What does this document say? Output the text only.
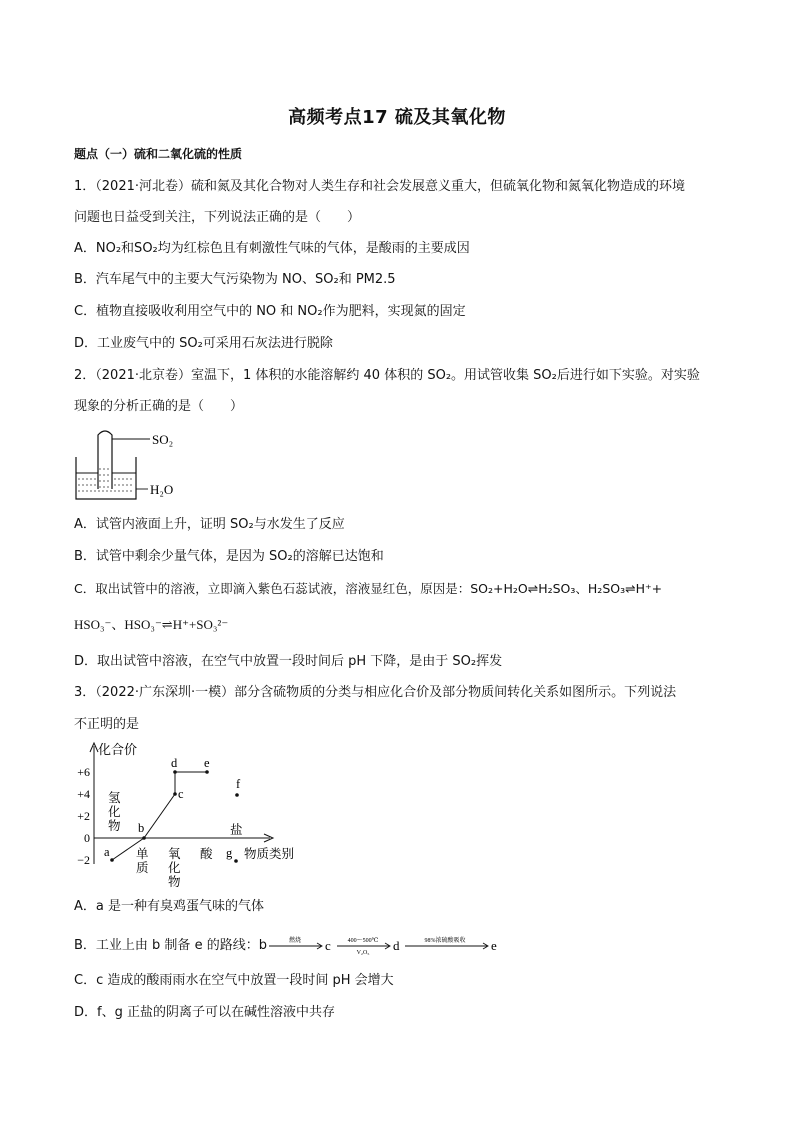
高频考点17 硫及其氧化物
题点（一）硫和二氧化硫的性质
1．（2021·河北卷）硫和氮及其化合物对人类生存和社会发展意义重大，但硫氧化物和氮氧化物造成的环境
问题也日益受到关注，下列说法正确的是（　　）
A．NO₂和SO₂均为红棕色且有刺激性气味的气体，是酸雨的主要成因
B．汽车尾气中的主要大气污染物为 NO、SO₂和 PM2.5
C．植物直接吸收利用空气中的 NO 和 NO₂作为肥料，实现氮的固定
D．工业废气中的 SO₂可采用石灰法进行脱除
2．（2021·北京卷）室温下，1 体积的水能溶解约 40 体积的 SO₂。用试管收集 SO₂后进行如下实验。对实验
现象的分析正确的是（　　）
SO₂
H₂O
A．试管内液面上升，证明 SO₂与水发生了反应
B．试管中剩余少量气体，是因为 SO₂的溶解已达饱和
C．取出试管中的溶液，立即滴入紫色石蕊试液，溶液显红色，原因是：SO₂+H₂O⇌H₂SO₃、H₂SO₃⇌H⁺+
HSO₃⁻、HSO₃⁻⇌H⁺+SO₃²⁻
D．取出试管中溶液，在空气中放置一段时间后 pH 下降，是由于 SO₂挥发
3．（2022·广东深圳·一模）部分含硫物质的分类与相应化合价及部分物质间转化关系如图所示。下列说法
不正明的是
化合价
+6
+4
+2
0
−2
氢
化
物
单
质
氧
化
物
酸
盐
物质类别
a
b
c
d e
f
g
A．a 是一种有臭鸡蛋气味的气体
B．工业上由 b 制备 e 的路线：b	燃烧 c	400～500℃
V₂O₅ d	98%浓硫酸吸收 e
C．c 造成的酸雨雨水在空气中放置一段时间 pH 会增大
D．f、g 正盐的阴离子可以在碱性溶液中共存
